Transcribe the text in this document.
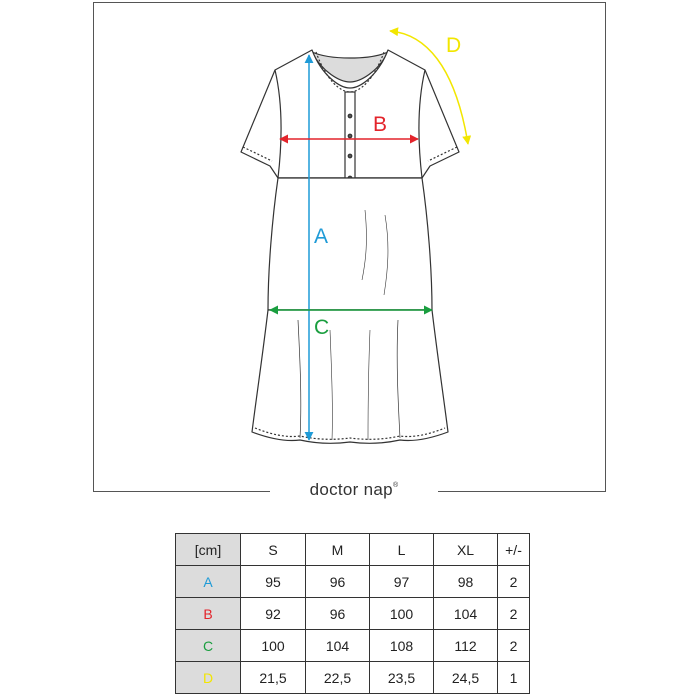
A
B
C
D
doctor nap®
[cm]	S	M	L	XL	+/-
A	95	96	97	98	2
B	92	96	100	104	2
C	100	104	108	112	2
D	21,5	22,5	23,5	24,5	1
